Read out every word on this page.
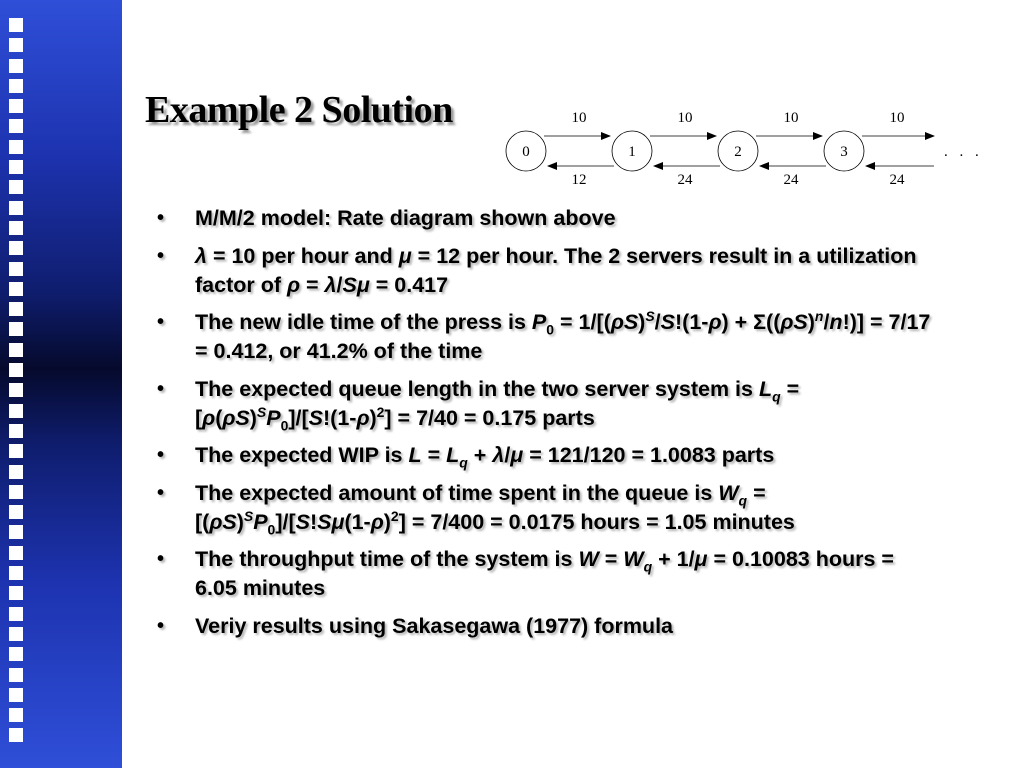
Example 2 Solution
0	1	2	3
10	10	10	10
12	24	24	24
. . .
• M/M/2 model: Rate diagram shown above
• λ = 10 per hour and μ = 12 per hour. The 2 servers result in a utilization factor of ρ = λ/Sμ = 0.417
• The new idle time of the press is $P_0 = 1/[(\rho S)^S/S!(1-\rho) + \Sigma((\rho S)^n/n!)] = 7/17 = 0.412$, or 41.2% of the time
• The expected queue length in the two server system is $L_q = [\rho(\rho S)^SP_0]/[S!(1-\rho)^2] = 7/40 = 0.175$ parts
• The expected WIP is $L = L_q + \lambda/\mu = 121/120 = 1.0083$ parts
• The expected amount of time spent in the queue is $W_q = [(\rho S)^SP_0]/[S!S\mu(1-\rho)^2] = 7/400 = 0.0175$ hours = 1.05 minutes
• The throughput time of the system is $W = W_q + 1/\mu = 0.10083$ hours = 6.05 minutes
• Veriy results using Sakasegawa (1977) formula
